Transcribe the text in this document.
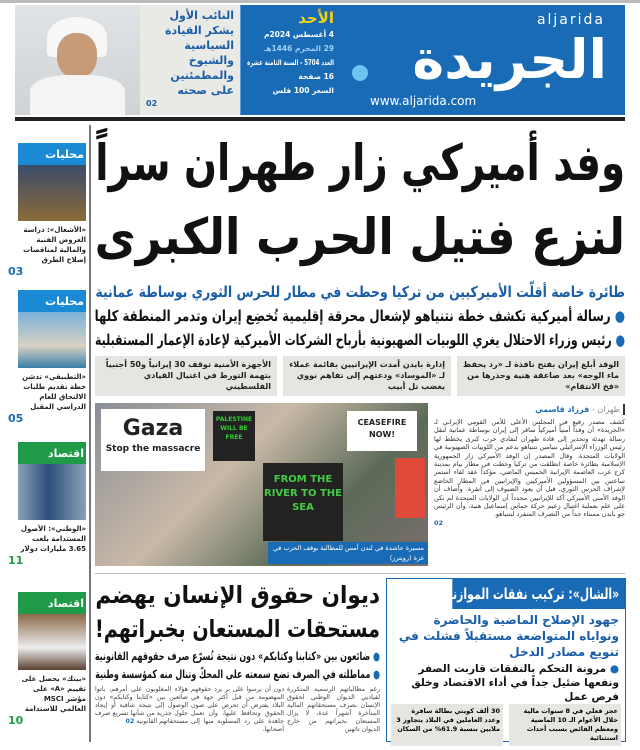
aljarida
الجريدة
www.aljarida.com
الأحد
4 أغسطس 2024م
29 المحرم 1446هـ
العدد 5704 - السنة الثامنة عشرة
16 صفحة
السعر 100 فلس
النائب الأول يشكر القيادة السياسية والشيوخ والمطمئنين على صحته
02
محليات
«الأشغال»: دراسة العروض الفنية والمالية لمناقصات إصلاح الطرق
03
محليات
«التطبيقي» تدشن خطة تقديم طلبات الالتحاق للعام الدراسي المقبل
05
اقتصاد
«الوطني»: الأصول المستدامة بلغت 3.65 مليارات دولار
11
اقتصاد
«بيتك» يحصل على تقييم «A» على مؤشر MSCI العالمي للاستدامة
10
وفد أميركي زار طهران سراً
لنزع فتيل الحرب الكبرى
طائرة خاصة أقلّت الأميركيين من تركيا وحطت في مطار للحرس الثوري بوساطة عمانية
● رسالة أميركية تكشف خطة نتنياهو لإشعال محرقة إقليمية تُخضِع إيران وتدمر المنطقة كلها
● رئيس وزراء الاحتلال يغري اللوبيات الصهيونية بأرباح الشركات الأميركية لإعادة الإعمار المستقبلية
الوفد أبلغ إيران بفتح نافذة لـ «رد يحفظ ماء الوجه» بعد صاعقة هنية وحذرها من «فخ الانتقام»
إدارة بايدن أمدت الإيرانيين بقائمة عملاء لـ «الموساد» ودعتهم إلى تفاهم نووي يغضب تل أبيب
الأجهزة الأمنية توقف 30 إيرانياً و50 أجنبياً بتهمة التورط في اغتيال القيادي الفلسطيني
Gaza
Stop the massacre
PALESTINE WILL BE FREE
CEASEFIRE NOW!
FROM THE RIVER TO THE SEA
مسيرة حاشدة في لندن أمس للمطالبة بوقف الحرب في غزة (رويترز)
طهران - فرزاد قاسمي
كشف مصدر رفيع في المجلس الأعلى للأمن القومي الإيراني لـ «الجريدة» أن وفداً أمنياً أميركياً سافر إلى إيران بوساطة عمانية لنقل رسالة تهدئة وتحذير إلى قادة طهران لتفادي حرب كبرى يخطط لها رئيس الوزراء الإسرائيلي بنيامين نتنياهو بدعم من اللوبيات الصهيونية في الولايات المتحدة. وقال المصدر إن الوفد الأميركي زار الجمهورية الإسلامية بطائرة خاصة انطلقت من تركيا وحطت في مطار بيام بمدينة كرج غرب العاصمة الإيرانية الخميس الماضي، مؤكداً عقد لقاء استمر ساعتين بين المسؤولين الأميركيين والإيرانيين في المطار الخاضع لإشراف الحرس الثوري، قبل أن يعود الضيوف إلى أنقرة. وأضاف أن الوفد الأمني الأميركي أكد للإيرانيين مجدداً أن الولايات المتحدة لم تكن على علم بعملية اغتيال زعيم حركة حماس إسماعيل هنية، وأن الرئيس جو بايدن مستاء جداً من التصرف المنفرد لنتنياهو.
02
ديوان حقوق الإنسان يهضم
مستحقات المستعان بخبراتهم!
● ضائعون بين «كتابنا وكتابكم» دون نتيجة تُسرّع صرف حقوقهم القانونية
● مماطلته في الصرف تضع سمعته على المحكّ وتنال منه كمؤسسة وطنية
رغم مطالباتهم الرسمية المتكررة لقياديي الديوان الوطني لحقوق الإنسان بصرف مستحقاتهم المالية المتأخرة أشهراً عدة، لا يزال المستعان بخبراتهم من خارج الديوان تائهين
دون أن يرسوا على بر يرد حقوقهم المهضومة من قبل أكثر جهة في البلاد يفترض أن تحرص على صون الحقوق وتحافظ عليها، وأن تعمل جاهدة على رد المسلوبة منها إلى أصحابها.
هؤلاء المغلوبون على أمرهم، باتوا ضائعين بين «كتابنا وكتابكم» دون الوصول إلى نتيجة شافية أو إيجاد حلول جذرية من شأنها تسريع صرف مستحقاتهم القانونية 02
«الشال»: تركيب نفقات الموازنة إلى الأسوأ
جهود الإصلاح الماضية والحاضرة ونواياه المتواضعة مستقبلاً فشلت في تنويع مصادر الدخل
● مرونة التحكم بالنفقات قاربت الصفر ونفعها ضئيل جداً في أداء الاقتصاد وخلق فرص عمل
عجز فعلي في 8 سنوات مالية خلال الأعوام الـ 10 الماضية ومعظم الفائض بسبب أحداث استثنائية
30 ألف كويتي بطالة سافرة وعدد العاملين في البلاد يتجاوز 3 ملايين بنسبة 61.9% من السكان
